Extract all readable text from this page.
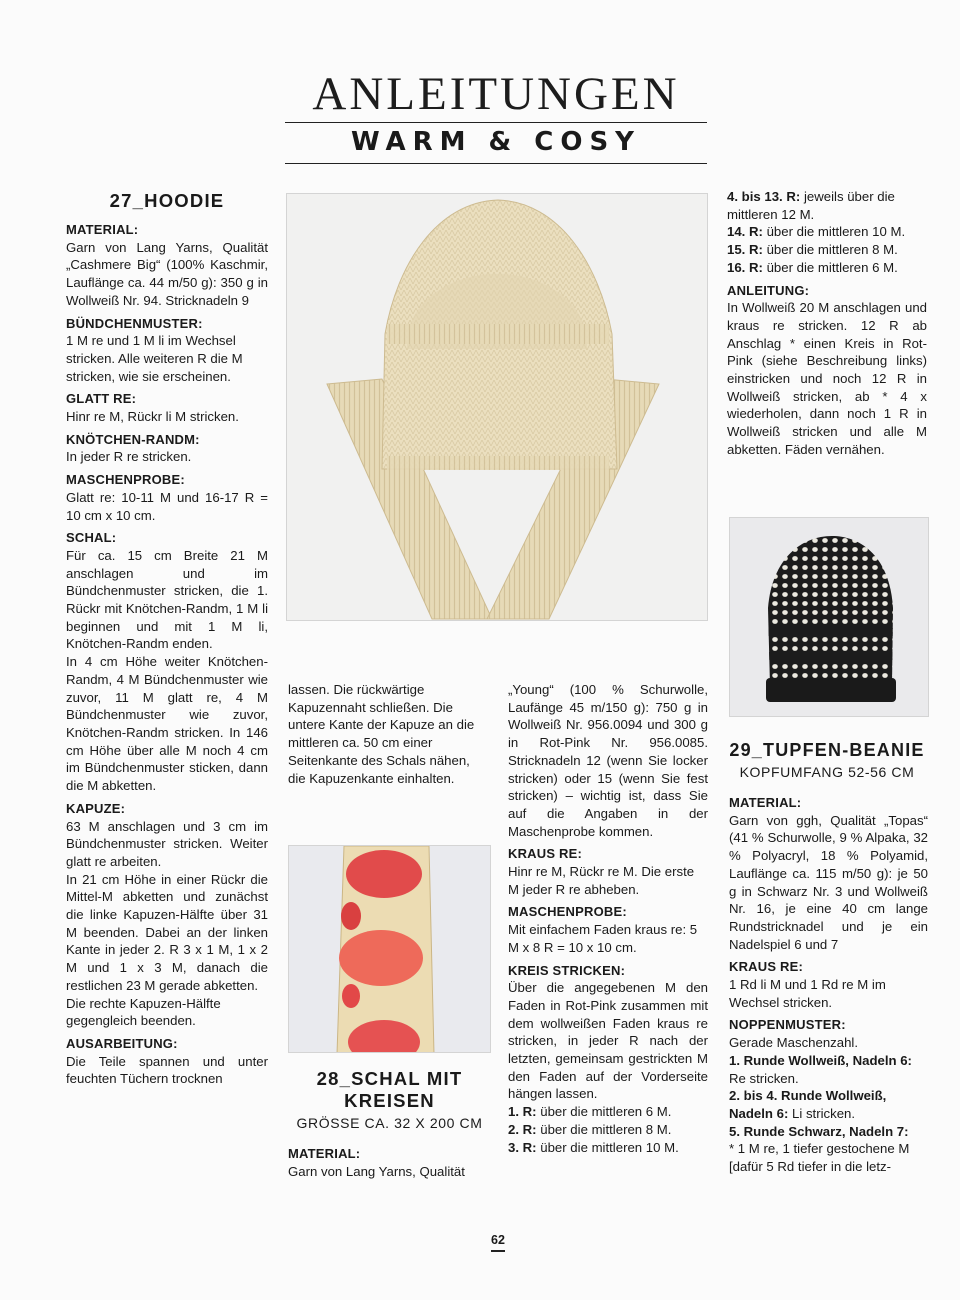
ANLEITUNGEN
WARM & COSY
27_HOODIE

MATERIAL:

Garn von Lang Yarns, Qualität „Cashmere Big“ (100% Kaschmir, Lauflänge ca. 44 m/50 g): 350 g in Wollweiß Nr. 94. Stricknadeln 9

BÜNDCHENMUSTER:

1 M re und 1 M li im Wechsel stricken. Alle weiteren R die M stricken, wie sie erscheinen.

GLATT RE:

Hinr re M, Rückr li M stricken.

KNÖTCHEN-RANDM:

In jeder R re stricken.

MASCHENPROBE:

Glatt re: 10-11 M und 16-17 R = 10 cm x 10 cm.

SCHAL:

Für ca. 15 cm Breite 21 M anschlagen und im Bündchenmuster stricken, die 1. Rückr mit Knötchen-Randm, 1 M li beginnen und mit 1 M li, Knötchen-Randm enden.

In 4 cm Höhe weiter Knötchen-Randm, 4 M Bündchenmuster wie zuvor, 11 M glatt re, 4 M Bündchenmuster wie zuvor, Knötchen-Randm stricken. In 146 cm Höhe über alle M noch 4 cm im Bündchenmuster sticken, dann die M abketten.

KAPUZE:

63 M anschlagen und 3 cm im Bündchenmuster stricken. Weiter glatt re arbeiten.

In 21 cm Höhe in einer Rückr die Mittel-M abketten und zunächst die linke Kapuzen-Hälfte über 31 M beenden. Dabei an der linken Kante in jeder 2. R 3 x 1 M, 1 x 2 M und 1 x 3 M, danach die restlichen 23 M gerade abketten.

Die rechte Kapuzen-Hälfte gegengleich beenden.

AUSARBEITUNG:

Die Teile spannen und unter feuchten Tüchern trocknen

lassen. Die rückwärtige Kapuzennaht schließen. Die untere Kante der Kapuze an die mittleren ca. 50 cm einer Seitenkante des Schals nähen, die Kapuzenkante einhalten.

28_SCHAL MIT
KREISEN
GRÖSSE CA. 32 X 200 CM

MATERIAL:

Garn von Lang Yarns, Qualität

„Young“ (100 % Schurwolle, Laufänge 45 m/150 g): 750 g in Wollweiß Nr. 956.0094 und 300 g in Rot-Pink Nr. 956.0085. Stricknadeln 12 (wenn Sie locker stricken) oder 15 (wenn Sie fest stricken) – wichtig ist, dass Sie auf die Angaben in der Maschenprobe kommen.

KRAUS RE:

Hinr re M, Rückr re M. Die erste M jeder R re abheben.

MASCHENPROBE:

Mit einfachem Faden kraus re: 5 M x 8 R = 10 x 10 cm.

KREIS STRICKEN:

Über die angegebenen M den Faden in Rot-Pink zusammen mit dem wollweißen Faden kraus re stricken, in jeder R nach der letzten, gemeinsam gestrickten M den Faden auf der Vorderseite hängen lassen.

1. R: über die mittleren 6 M.

2. R: über die mittleren 8 M.

3. R: über die mittleren 10 M.

4. bis 13. R: jeweils über die mittleren 12 M.

14. R: über die mittleren 10 M.

15. R: über die mittleren 8 M.

16. R: über die mittleren 6 M.

ANLEITUNG:

In Wollweiß 20 M anschlagen und kraus re stricken. 12 R ab Anschlag * einen Kreis in Rot-Pink (siehe Beschreibung links) einstricken und noch 12 R in Wollweiß stricken, ab * 4 x wiederholen, dann noch 1 R in Wollweiß stricken und alle M abketten. Fäden vernähen.

29_TUPFEN-BEANIE
KOPFUMFANG 52-56 CM

MATERIAL:

Garn von ggh, Qualität „Topas“ (41 % Schurwolle, 9 % Alpaka, 32 % Polyacryl, 18 % Polyamid, Lauflänge ca. 115 m/50 g): je 50 g in Schwarz Nr. 3 und Wollweiß Nr. 16, je eine 40 cm lange Rundstricknadel und je ein Nadelspiel 6 und 7

KRAUS RE:

1 Rd li M und 1 Rd re M im Wechsel stricken.

NOPPENMUSTER:

Gerade Maschenzahl.

1. Runde Wollweiß, Nadeln 6:
Re stricken.

2. bis 4. Runde Wollweiß, Nadeln 6: Li stricken.

5. Runde Schwarz, Nadeln 7:
* 1 M re, 1 tiefer gestochene M [dafür 5 Rd tiefer in die letz-

62
